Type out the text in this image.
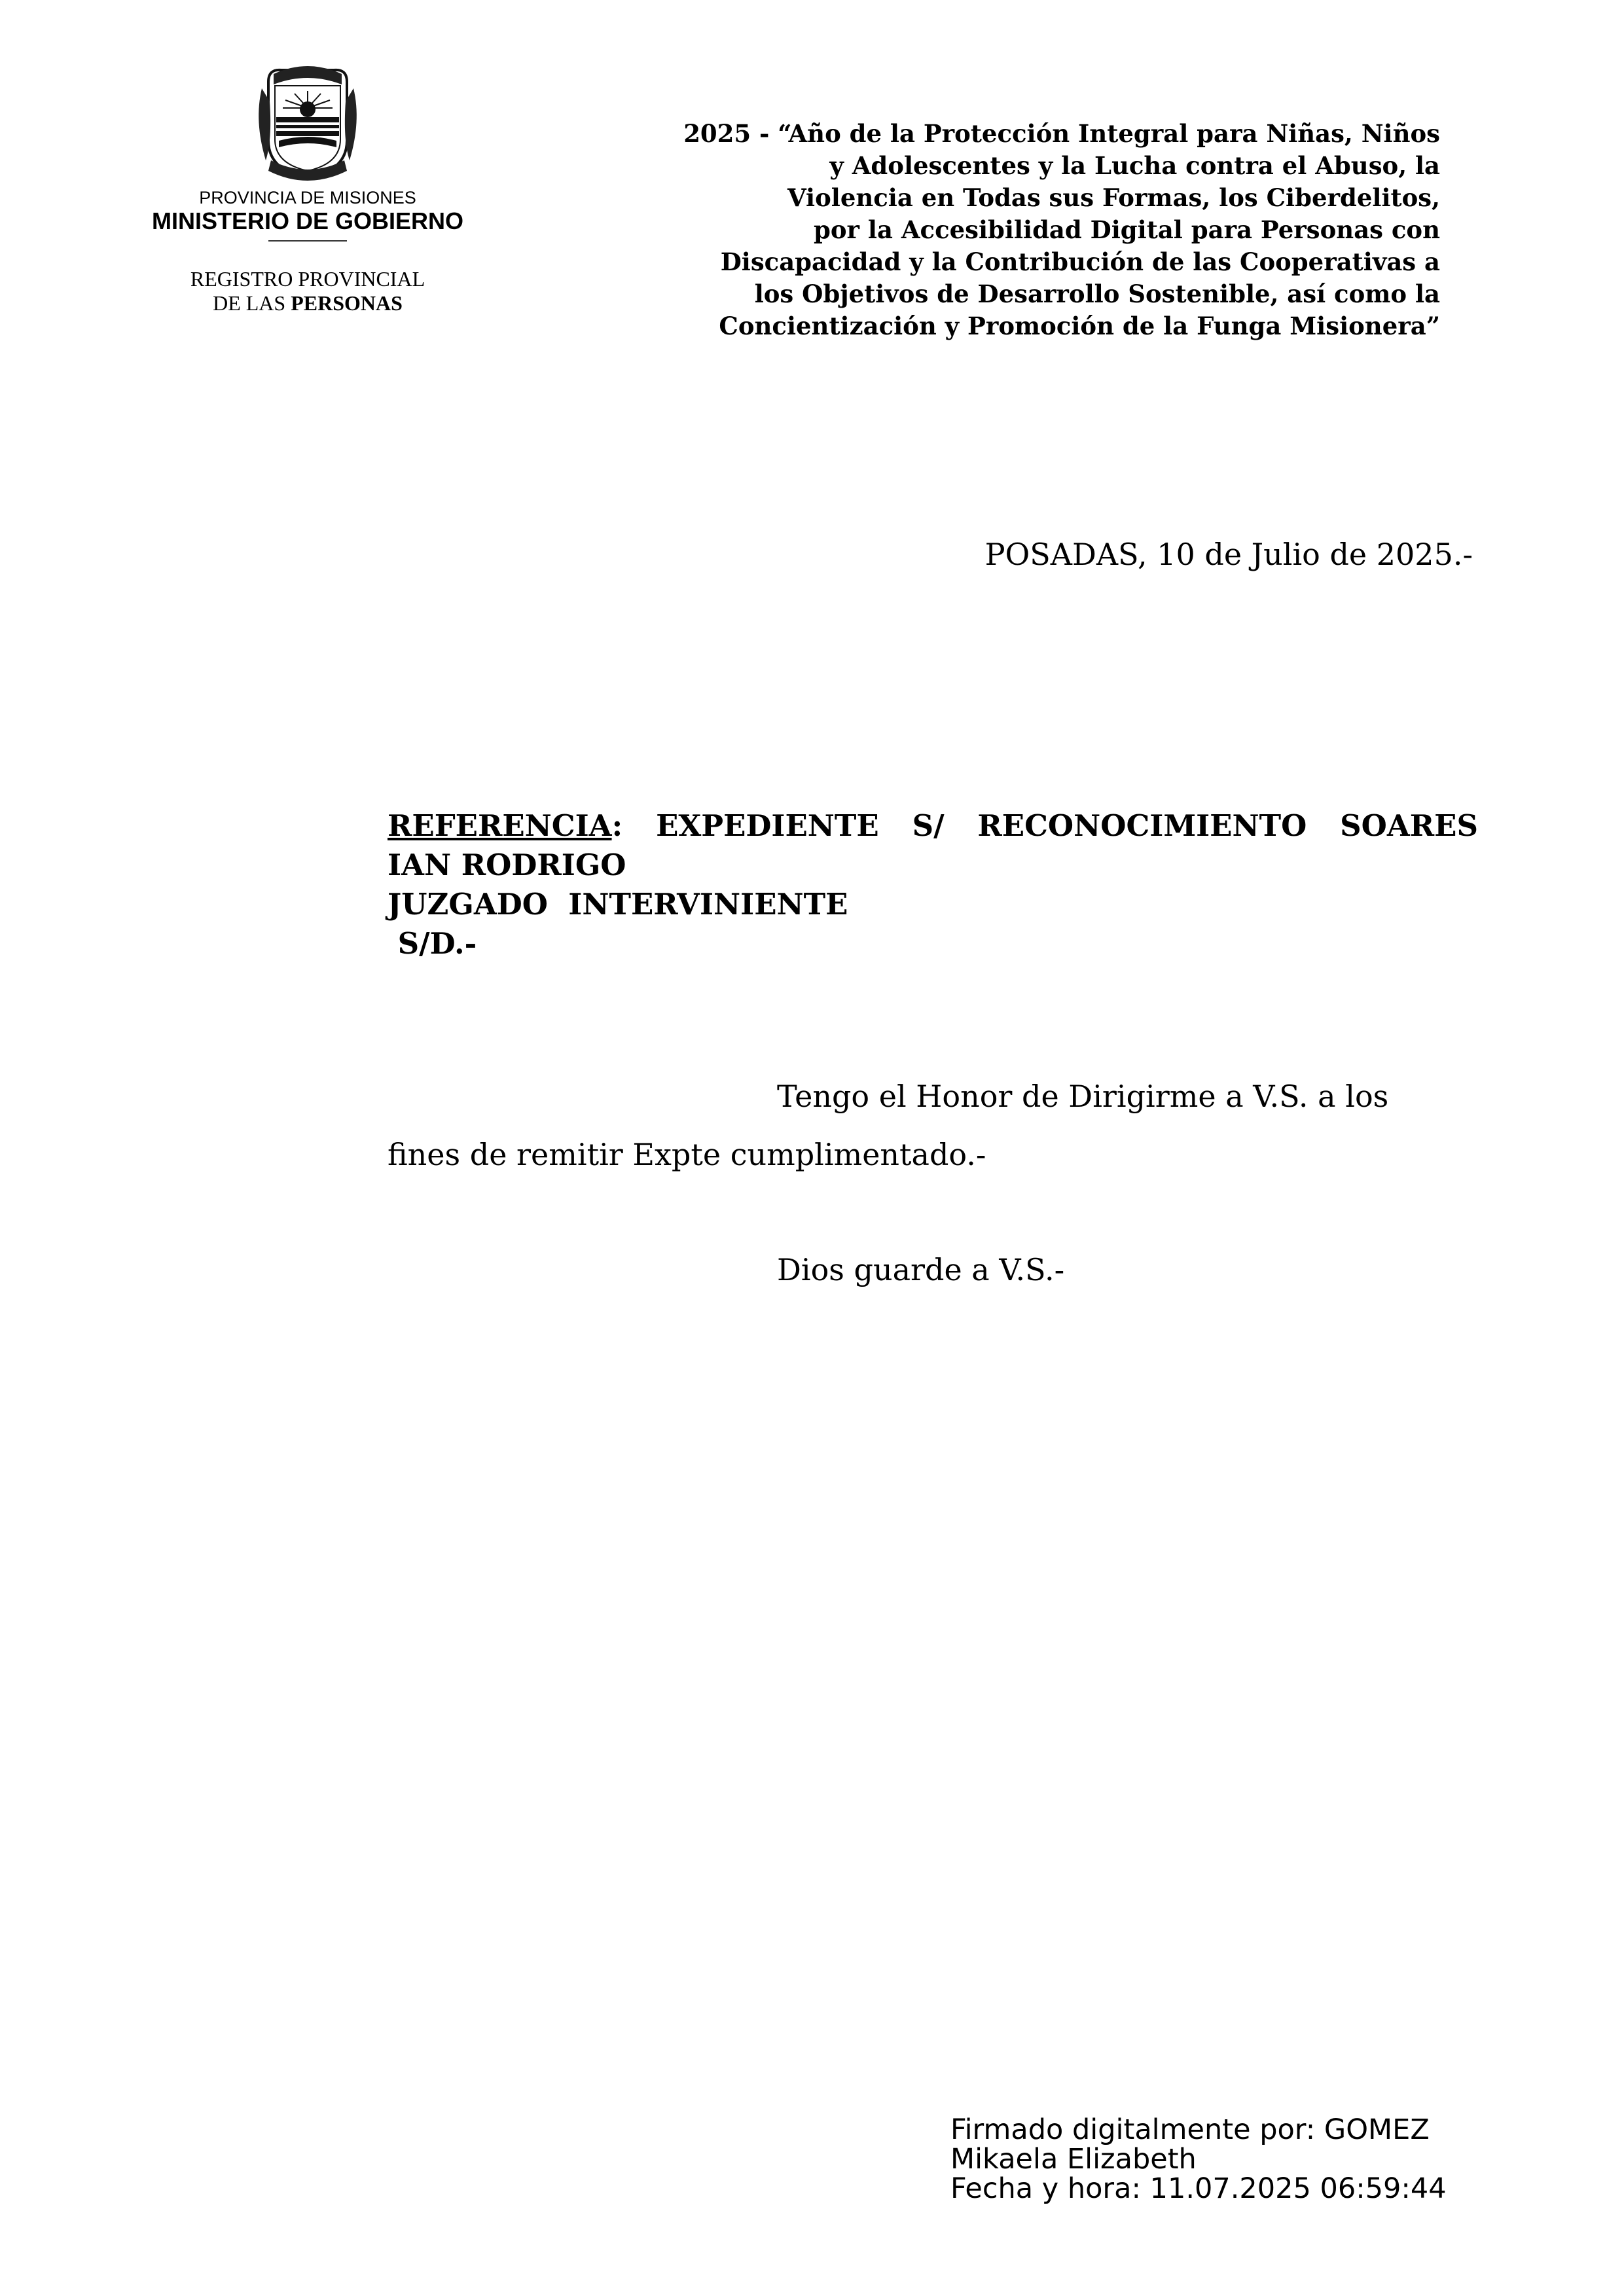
PROVINCIA DE MISIONES
MINISTERIO DE GOBIERNO
REGISTRO PROVINCIAL
DE LAS PERSONAS
2025 - “Año de la Protección Integral para Niñas, Niños
y Adolescentes y la Lucha contra el Abuso, la
Violencia en Todas sus Formas, los Ciberdelitos,
por la Accesibilidad Digital para Personas con
Discapacidad y la Contribución de las Cooperativas a
los Objetivos de Desarrollo Sostenible, así como la
Concientización y Promoción de la Funga Misionera”
POSADAS, 10 de Julio de 2025.-
REFERENCIA: EXPEDIENTE S/ RECONOCIMIENTO SOARES
IAN RODRIGO
JUZGADO  INTERVINIENTE
S/D.-
Tengo el Honor de Dirigirme a V.S. a los
fines de remitir Expte cumplimentado.-
Dios guarde a V.S.-
Firmado digitalmente por: GOMEZ
Mikaela Elizabeth
Fecha y hora: 11.07.2025 06:59:44
